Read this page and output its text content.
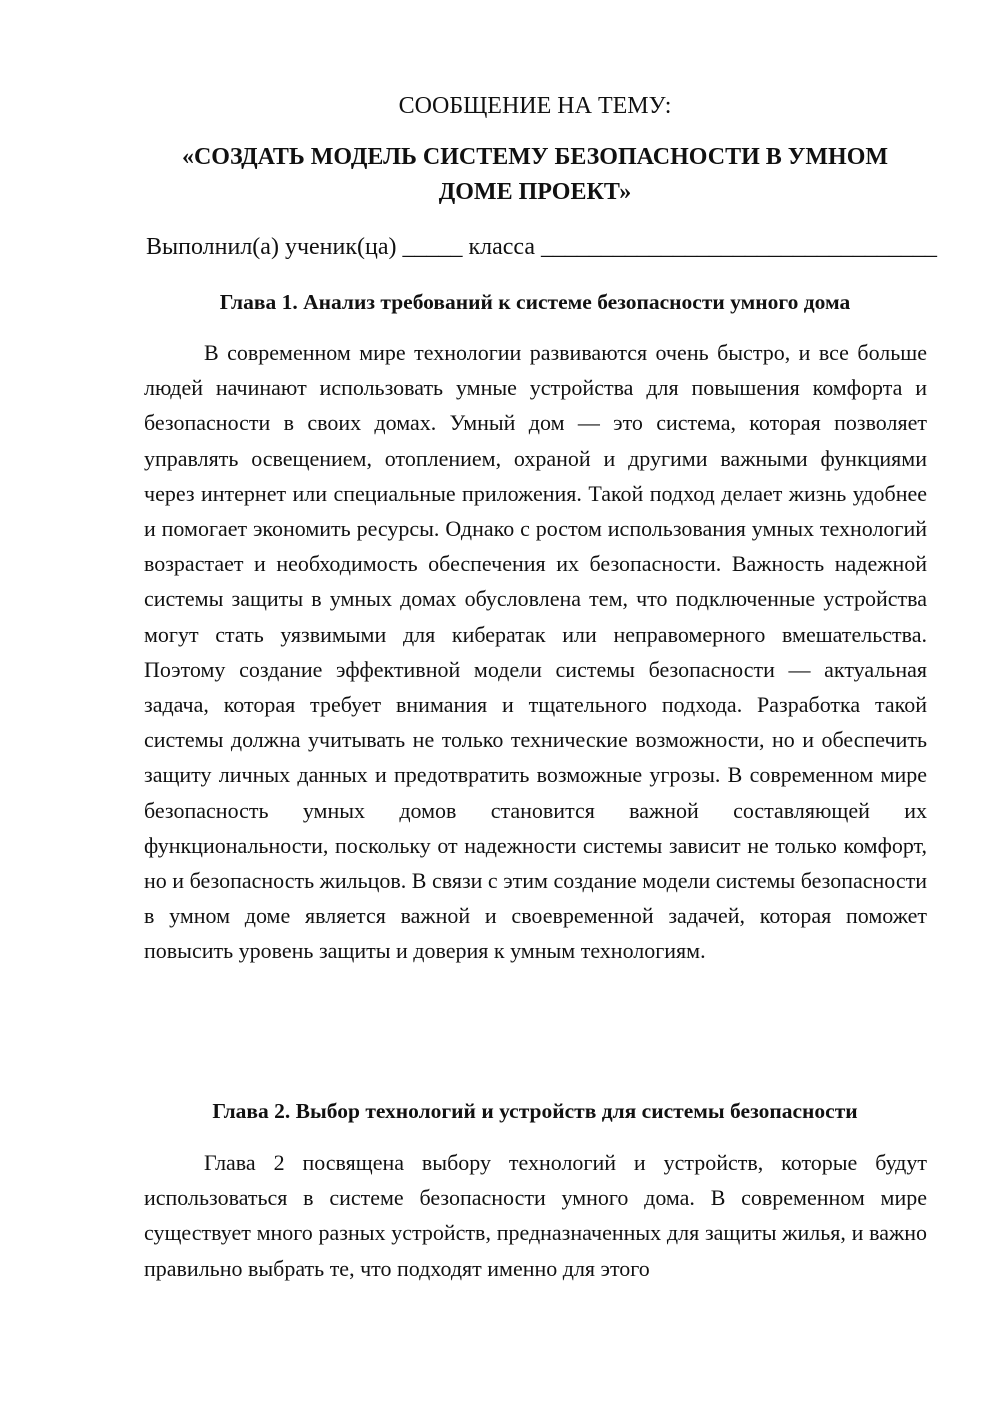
СООБЩЕНИЕ НА ТЕМУ:
«СОЗДАТЬ МОДЕЛЬ СИСТЕМУ БЕЗОПАСНОСТИ В УМНОМ ДОМЕ ПРОЕКТ»
Выполнил(а) ученик(ца) _____ класса _________________________________
Глава 1. Анализ требований к системе безопасности умного дома

В современном мире технологии развиваются очень быстро, и все больше людей начинают использовать умные устройства для повышения комфорта и безопасности в своих домах. Умный дом — это система, которая позволяет управлять освещением, отоплением, охраной и другими важными функциями через интернет или специальные приложения. Такой подход делает жизнь удобнее и помогает экономить ресурсы. Однако с ростом использования умных технологий возрастает и необходимость обеспечения их безопасности. Важность надежной системы защиты в умных домах обусловлена тем, что подключенные устройства могут стать уязвимыми для кибератак или неправомерного вмешательства. Поэтому создание эффективной модели системы безопасности — актуальная задача, которая требует внимания и тщательного подхода. Разработка такой системы должна учитывать не только технические возможности, но и обеспечить защиту личных данных и предотвратить возможные угрозы. В современном мире безопасность умных домов становится важной составляющей их функциональности, поскольку от надежности системы зависит не только комфорт, но и безопасность жильцов. В связи с этим создание модели системы безопасности в умном доме является важной и своевременной задачей, которая поможет повысить уровень защиты и доверия к умным технологиям.

Глава 2. Выбор технологий и устройств для системы безопасности

Глава 2 посвящена выбору технологий и устройств, которые будут использоваться в системе безопасности умного дома. В современном мире существует много разных устройств, предназначенных для защиты жилья, и важно правильно выбрать те, что подходят именно для этого
